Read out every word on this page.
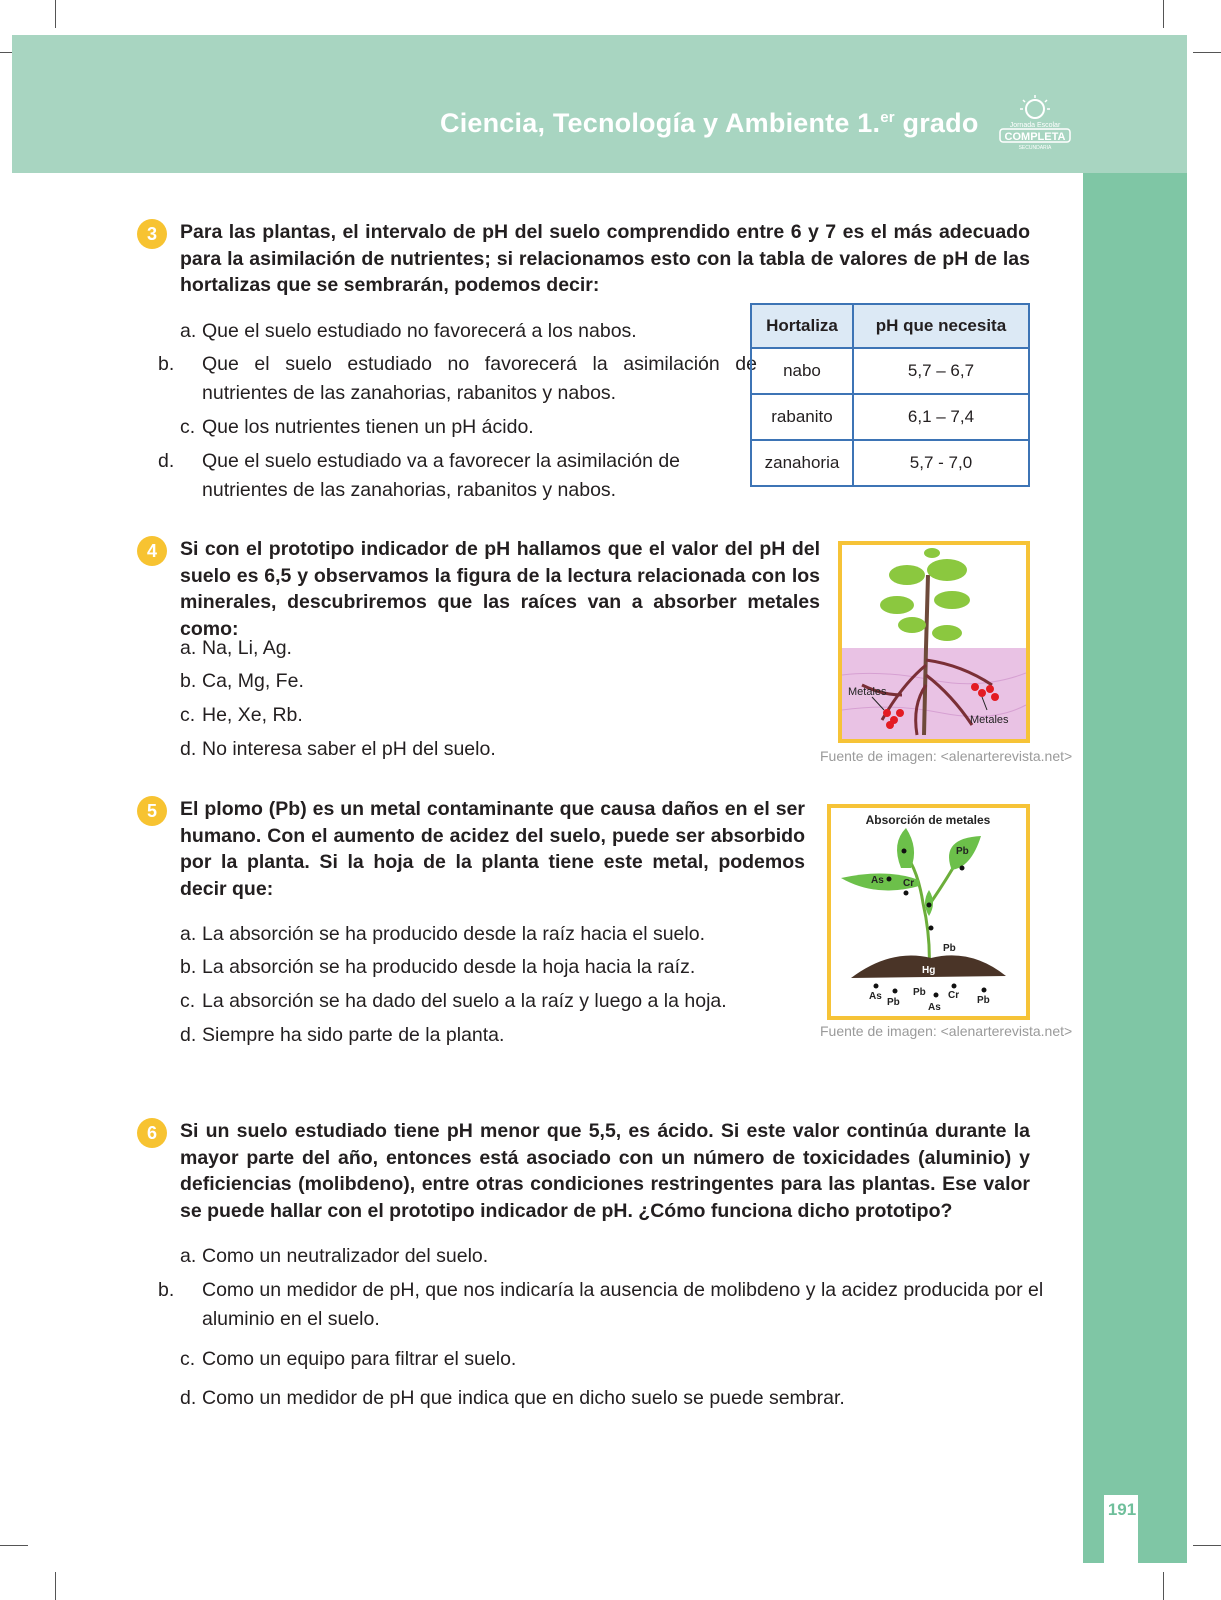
Ciencia, Tecnología y Ambiente 1.$^{er}$ grado	Jornada Escolar
COMPLETA
SECUNDARIA
191
3	Para las plantas, el intervalo de pH del suelo comprendido entre 6 y 7 es el más adecuado para la asimilación de nutrientes; si relacionamos esto con la tabla de valores de pH de las hortalizas que se sembrarán, podemos decir:
a. Que el suelo estudiado no favorecerá a los nabos.
b. Que el suelo estudiado no favorecerá la asimilación de nutrientes de las zanahorias, rabanitos y nabos.
c. Que los nutrientes tienen un pH ácido.
d. Que el suelo estudiado va a favorecer la asimilación de nutrientes de las zanahorias, rabanitos y nabos.
Hortaliza	pH que necesita
nabo	5,7 – 6,7
rabanito	6,1 – 7,4
zanahoria	5,7 - 7,0
4	Si con el prototipo indicador de pH hallamos que el valor del pH del suelo es 6,5 y observamos la figura de la lectura relacionada con los minerales, descubriremos que las raíces van a absorber metales como:
a. Na, Li, Ag.
b. Ca, Mg, Fe.
c. He, Xe, Rb.
d. No interesa saber el pH del suelo.
Metales
Metales
Fuente de imagen: <alenarterevista.net>
5	El plomo (Pb) es un metal contaminante que causa daños en el ser humano. Con el aumento de acidez del suelo, puede ser absorbido por la planta. Si la hoja de la planta tiene este metal, podemos decir que:
a. La absorción se ha producido desde la raíz hacia el suelo.
b. La absorción se ha producido desde la hoja hacia la raíz.
c. La absorción se ha dado del suelo a la raíz y luego a la hoja.
d. Siempre ha sido parte de la planta.
Absorción de metales
Pb
As Cr
Pb
Hg
As
Pb
Pb Cr Pb
As
Fuente de imagen: <alenarterevista.net>
6	Si un suelo estudiado tiene pH menor que 5,5, es ácido. Si este valor continúa durante la mayor parte del año, entonces está asociado con un número de toxicidades (aluminio) y deficiencias (molibdeno), entre otras condiciones restringentes para las plantas. Ese valor se puede hallar con el prototipo indicador de pH. ¿Cómo funciona dicho prototipo?
a. Como un neutralizador del suelo.
b. Como un medidor de pH, que nos indicaría la ausencia de molibdeno y la acidez producida por el aluminio en el suelo.
c. Como un equipo para filtrar el suelo.
d. Como un medidor de pH que indica que en dicho suelo se puede sembrar.
